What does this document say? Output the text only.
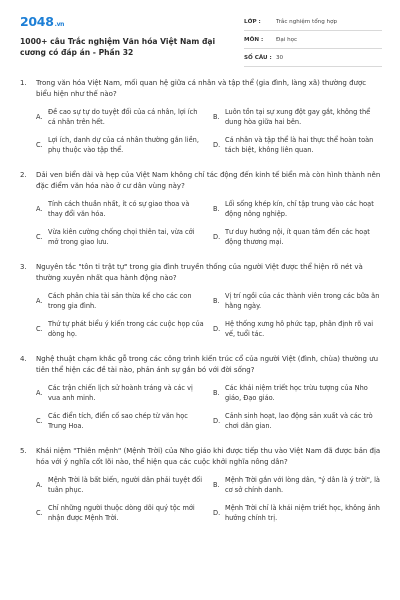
2048.vn
1000+ câu Trắc nghiệm Văn hóa Việt Nam đại cương có đáp án - Phần 32
LỚP :	Trắc nghiệm tổng hợp
MÔN :	Đại học
SỐ CÂU : 30
1.	Trong văn hóa Việt Nam, mối quan hệ giữa cá nhân và tập thể (gia đình, làng xã) thường được biểu hiện như thế nào?
A.
Đề cao sự tự do tuyệt đối của cá nhân, lợi ích cá nhân trên hết.
B.
Luôn tồn tại sự xung đột gay gắt, không thể dung hòa giữa hai bên.
C.
Lợi ích, danh dự của cá nhân thường gắn liền, phụ thuộc vào tập thể.
D.
Cá nhân và tập thể là hai thực thể hoàn toàn tách biệt, không liên quan.
2.	Dải ven biển dài và hẹp của Việt Nam không chỉ tác động đến kinh tế biển mà còn hình thành nên đặc điểm văn hóa nào ở cư dân vùng này?
A.
Tính cách thuần nhất, ít có sự giao thoa và thay đổi văn hóa.
B.
Lối sống khép kín, chỉ tập trung vào các hoạt động nông nghiệp.
C.
Vừa kiên cường chống chọi thiên tai, vừa cởi mở trong giao lưu.
D.
Tư duy hướng nội, ít quan tâm đến các hoạt động thương mại.
3.	Nguyên tắc "tôn ti trật tự" trong gia đình truyền thống của người Việt được thể hiện rõ nét và thường xuyên nhất qua hành động nào?
A.
Cách phân chia tài sản thừa kế cho các con trong gia đình.
B.
Vị trí ngồi của các thành viên trong các bữa ăn hằng ngày.
C.
Thứ tự phát biểu ý kiến trong các cuộc họp của dòng họ.
D.
Hệ thống xưng hô phức tạp, phân định rõ vai vế, tuổi tác.
4.	Nghệ thuật chạm khắc gỗ trong các công trình kiến trúc cổ của người Việt (đình, chùa) thường ưu tiên thể hiện các đề tài nào, phản ánh sự gắn bó với đời sống?
A.
Các trận chiến lịch sử hoành tráng và các vị vua anh minh.
B.
Các khái niệm triết học trừu tượng của Nho giáo, Đạo giáo.
C.
Các điển tích, điển cố sao chép từ văn học Trung Hoa.
D.
Cảnh sinh hoạt, lao động sản xuất và các trò chơi dân gian.
5.	Khái niệm "Thiên mệnh" (Mệnh Trời) của Nho giáo khi được tiếp thu vào Việt Nam đã được bản địa hóa với ý nghĩa cốt lõi nào, thể hiện qua các cuộc khởi nghĩa nông dân?
A.
Mệnh Trời là bất biến, người dân phải tuyệt đối tuân phục.
B.
Mệnh Trời gắn với lòng dân, "ý dân là ý trời", là cơ sở chính danh.
C.
Chỉ những người thuộc dòng dõi quý tộc mới nhận được Mệnh Trời.
D.
Mệnh Trời chỉ là khái niệm triết học, không ảnh hưởng chính trị.
